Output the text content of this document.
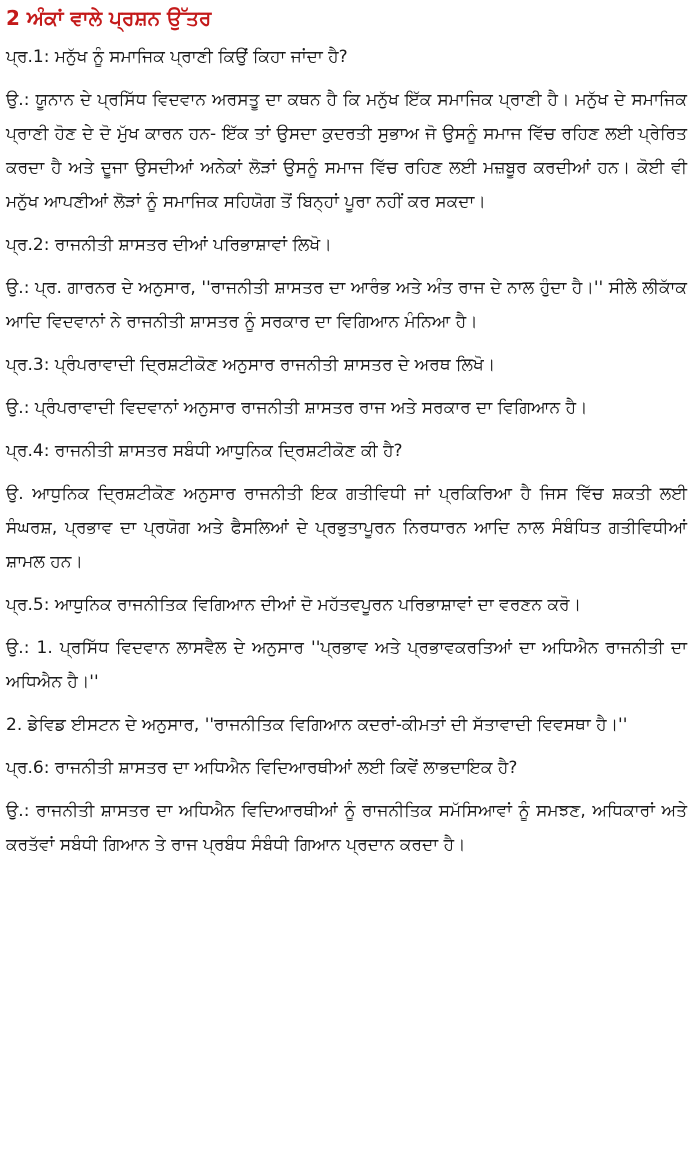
2 ਅੰਕਾਂ ਵਾਲੇ ਪ੍ਰਸ਼ਨ ਉੱਤਰ

ਪ੍ਰ.1: ਮਨੁੱਖ ਨੂੰ ਸਮਾਜਿਕ ਪ੍ਰਾਣੀ ਕਿਉਂ ਕਿਹਾ ਜਾਂਦਾ ਹੈ?

ਉ.: ਯੂਨਾਨ ਦੇ ਪ੍ਰਸਿੱਧ ਵਿਦਵਾਨ ਅਰਸਤੂ ਦਾ ਕਥਨ ਹੈ ਕਿ ਮਨੁੱਖ ਇੱਕ ਸਮਾਜਿਕ ਪ੍ਰਾਣੀ ਹੈ। ਮਨੁੱਖ ਦੇ ਸਮਾਜਿਕ ਪ੍ਰਾਣੀ ਹੋਣ ਦੇ ਦੋ ਮੁੱਖ ਕਾਰਨ ਹਨ- ਇੱਕ ਤਾਂ ਉਸਦਾ ਕੁਦਰਤੀ ਸੁਭਾਅ ਜੋ ਉਸਨੂੰ ਸਮਾਜ ਵਿੱਚ ਰਹਿਣ ਲਈ ਪ੍ਰੇਰਿਤ ਕਰਦਾ ਹੈ ਅਤੇ ਦੂਜਾ ਉਸਦੀਆਂ ਅਨੇਕਾਂ ਲੋੜਾਂ ਉਸਨੂੰ ਸਮਾਜ ਵਿੱਚ ਰਹਿਣ ਲਈ ਮਜ਼ਬੂਰ ਕਰਦੀਆਂ ਹਨ। ਕੋਈ ਵੀ ਮਨੁੱਖ ਆਪਣੀਆਂ ਲੋੜਾਂ ਨੂੰ ਸਮਾਜਿਕ ਸਹਿਯੋਗ ਤੋਂ ਬਿਨ੍ਹਾਂ ਪੂਰਾ ਨਹੀਂ ਕਰ ਸਕਦਾ।

ਪ੍ਰ.2: ਰਾਜਨੀਤੀ ਸ਼ਾਸਤਰ ਦੀਆਂ ਪਰਿਭਾਸ਼ਾਵਾਂ ਲਿਖੋ।

ਉ.: ਪ੍ਰ. ਗਾਰਨਰ ਦੇ ਅਨੁਸਾਰ, ''ਰਾਜਨੀਤੀ ਸ਼ਾਸਤਰ ਦਾ ਆਰੰਭ ਅਤੇ ਅੰਤ ਰਾਜ ਦੇ ਨਾਲ ਹੁੰਦਾ ਹੈ।'' ਸੀਲੇ ਲੀਕਾੱਕ ਆਦਿ ਵਿਦਵਾਨਾਂ ਨੇ ਰਾਜਨੀਤੀ ਸ਼ਾਸਤਰ ਨੂੰ ਸਰਕਾਰ ਦਾ ਵਿਗਿਆਨ ਮੰਨਿਆ ਹੈ।

ਪ੍ਰ.3: ਪ੍ਰੰਪਰਾਵਾਦੀ ਦ੍ਰਿਸ਼ਟੀਕੋਣ ਅਨੁਸਾਰ ਰਾਜਨੀਤੀ ਸ਼ਾਸਤਰ ਦੇ ਅਰਥ ਲਿਖੋ।

ਉ.: ਪ੍ਰੰਪਰਾਵਾਦੀ ਵਿਦਵਾਨਾਂ ਅਨੁਸਾਰ ਰਾਜਨੀਤੀ ਸ਼ਾਸਤਰ ਰਾਜ ਅਤੇ ਸਰਕਾਰ ਦਾ ਵਿਗਿਆਨ ਹੈ।

ਪ੍ਰ.4: ਰਾਜਨੀਤੀ ਸ਼ਾਸਤਰ ਸਬੰਧੀ ਆਧੁਨਿਕ ਦ੍ਰਿਸ਼ਟੀਕੋਣ ਕੀ ਹੈ?

ਉ. ਆਧੁਨਿਕ ਦ੍ਰਿਸ਼ਟੀਕੋਣ ਅਨੁਸਾਰ ਰਾਜਨੀਤੀ ਇਕ ਗਤੀਵਿਧੀ ਜਾਂ ਪ੍ਰਕਿਰਿਆ ਹੈ ਜਿਸ ਵਿੱਚ ਸ਼ਕਤੀ ਲਈ ਸੰਘਰਸ਼, ਪ੍ਰਭਾਵ ਦਾ ਪ੍ਰਯੋਗ ਅਤੇ ਫੈਸਲਿਆਂ ਦੇ ਪ੍ਰਭੁਤਾਪੂਰਨ ਨਿਰਧਾਰਨ ਆਦਿ ਨਾਲ ਸੰਬੰਧਿਤ ਗਤੀਵਿਧੀਆਂ ਸ਼ਾਮਲ ਹਨ।

ਪ੍ਰ.5: ਆਧੁਨਿਕ ਰਾਜਨੀਤਿਕ ਵਿਗਿਆਨ ਦੀਆਂ ਦੋ ਮਹੱਤਵਪੂਰਨ ਪਰਿਭਾਸ਼ਾਵਾਂ ਦਾ ਵਰਣਨ ਕਰੋ।

ਉ.: 1. ਪ੍ਰਸਿੱਧ ਵਿਦਵਾਨ ਲਾਸਵੈਲ ਦੇ ਅਨੁਸਾਰ ''ਪ੍ਰਭਾਵ ਅਤੇ ਪ੍ਰਭਾਵਕਰਤਿਆਂ ਦਾ ਅਧਿਐਨ ਰਾਜਨੀਤੀ ਦਾ ਅਧਿਐਨ ਹੈ।''

2. ਡੇਵਿਡ ਈਸਟਨ ਦੇ ਅਨੁਸਾਰ, ''ਰਾਜਨੀਤਿਕ ਵਿਗਿਆਨ ਕਦਰਾਂ-ਕੀਮਤਾਂ ਦੀ ਸੱਤਾਵਾਦੀ ਵਿਵਸਥਾ ਹੈ।''

ਪ੍ਰ.6: ਰਾਜਨੀਤੀ ਸ਼ਾਸਤਰ ਦਾ ਅਧਿਐਨ ਵਿਦਿਆਰਥੀਆਂ ਲਈ ਕਿਵੇਂ ਲਾਭਦਾਇਕ ਹੈ?

ਉ.: ਰਾਜਨੀਤੀ ਸ਼ਾਸਤਰ ਦਾ ਅਧਿਐਨ ਵਿਦਿਆਰਥੀਆਂ ਨੂੰ ਰਾਜਨੀਤਿਕ ਸਮੱਸਿਆਵਾਂ ਨੂੰ ਸਮਝਣ, ਅਧਿਕਾਰਾਂ ਅਤੇ ਕਰਤੱਵਾਂ ਸਬੰਧੀ ਗਿਆਨ ਤੇ ਰਾਜ ਪ੍ਰਬੰਧ ਸੰਬੰਧੀ ਗਿਆਨ ਪ੍ਰਦਾਨ ਕਰਦਾ ਹੈ।
